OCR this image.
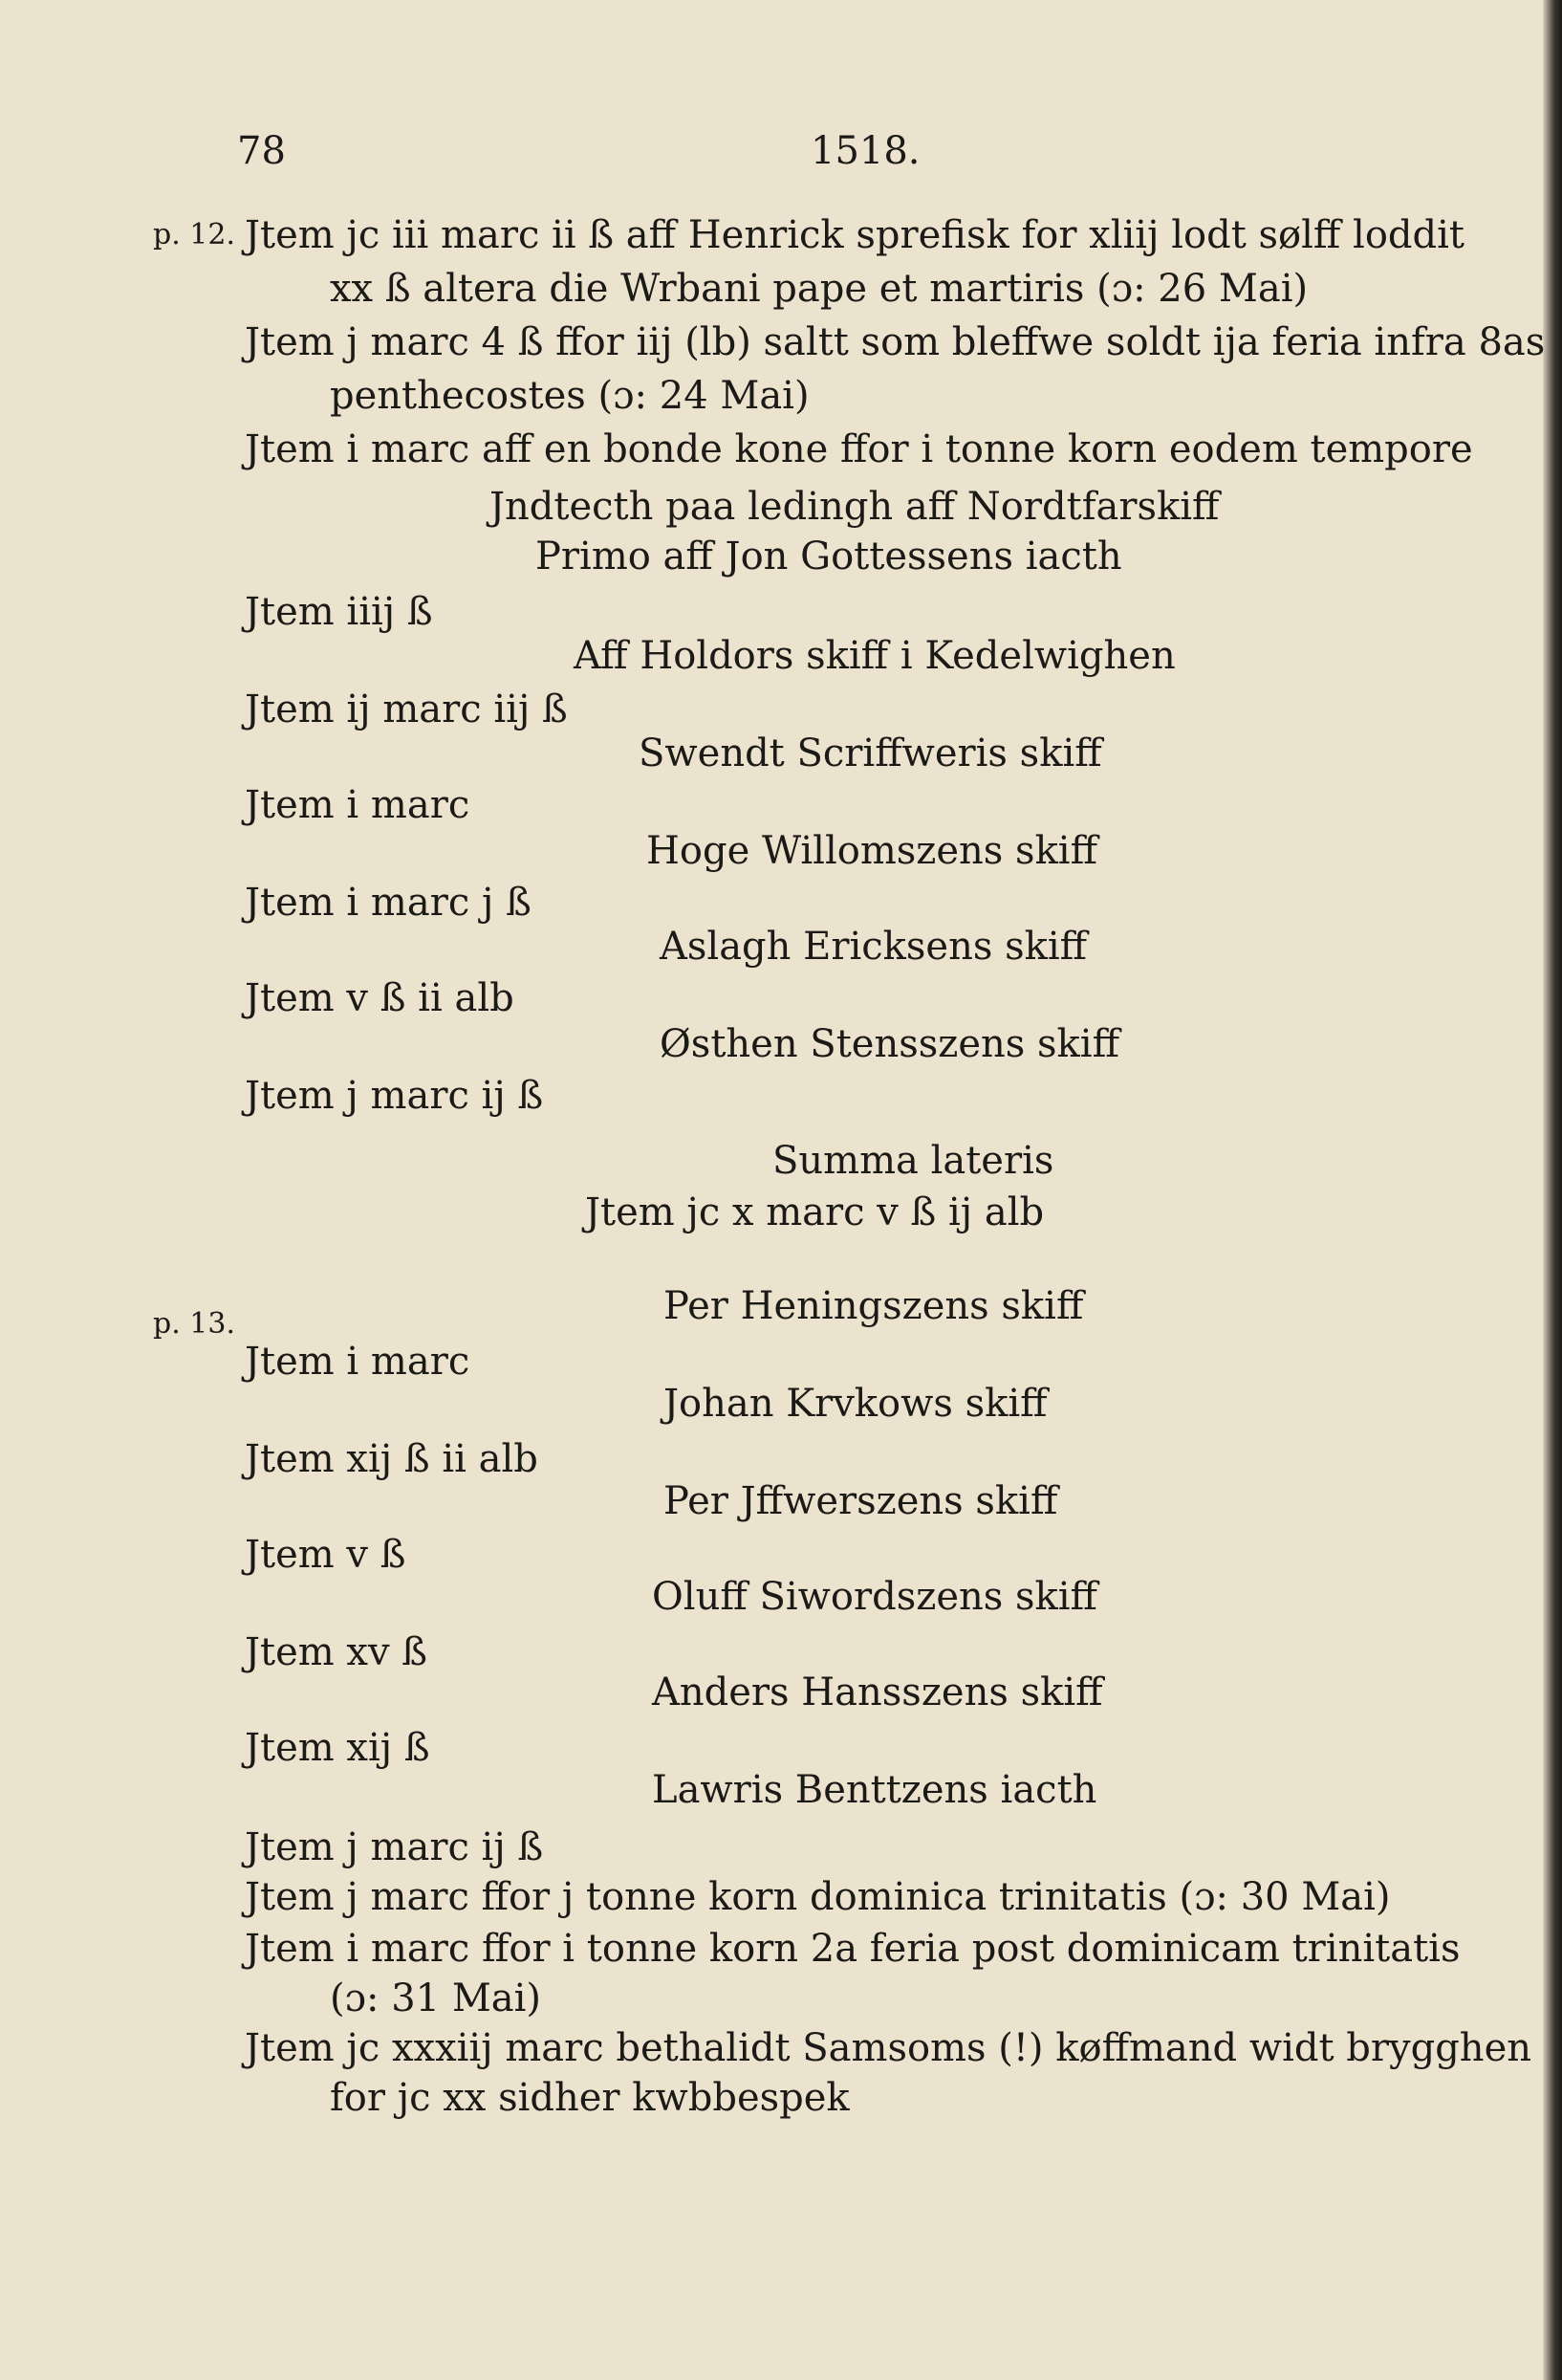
78	1518.
p. 12.
p. 13.
Jtem jc iii marc ii ß aff Henrick sprefisk for xliij lodt sølff loddit
xx ß altera die Wrbani pape et martiris (ɔ: 26 Mai)
Jtem j marc 4 ß ffor iij (lb) saltt som bleffwe soldt ija feria infra 8as
penthecostes (ɔ: 24 Mai)
Jtem i marc aff en bonde kone ffor i tonne korn eodem tempore
Jndtecth paa ledingh aff Nordtfarskiff
Primo aff Jon Gottessens iacth
Jtem iiij ß
Jtem ij marc iij ß
Jtem i marc
Jtem i marc j ß
Jtem v ß ii alb
Jtem j marc ij ß
Aff Holdors skiff i Kedelwighen
Swendt Scriffweris skiff
Hoge Willomszens skiff
Aslagh Ericksens skiff
Østhen Stensszens skiff
Summa lateris
Jtem jc x marc v ß ij alb
Per Heningszens skiff
Johan Krvkows skiff
Per Jffwerszens skiff
Oluff Siwordszens skiff
Anders Hansszens skiff
Lawris Benttzens iacth
Jtem i marc
Jtem xij ß ii alb
Jtem v ß
Jtem xv ß
Jtem xij ß
Jtem j marc ij ß
Jtem j marc ffor j tonne korn dominica trinitatis (ɔ: 30 Mai)
Jtem i marc ffor i tonne korn 2a feria post dominicam trinitatis
(ɔ: 31 Mai)
Jtem jc xxxiij marc bethalidt Samsoms (!) køffmand widt brygghen
for jc xx sidher kwbbespek
